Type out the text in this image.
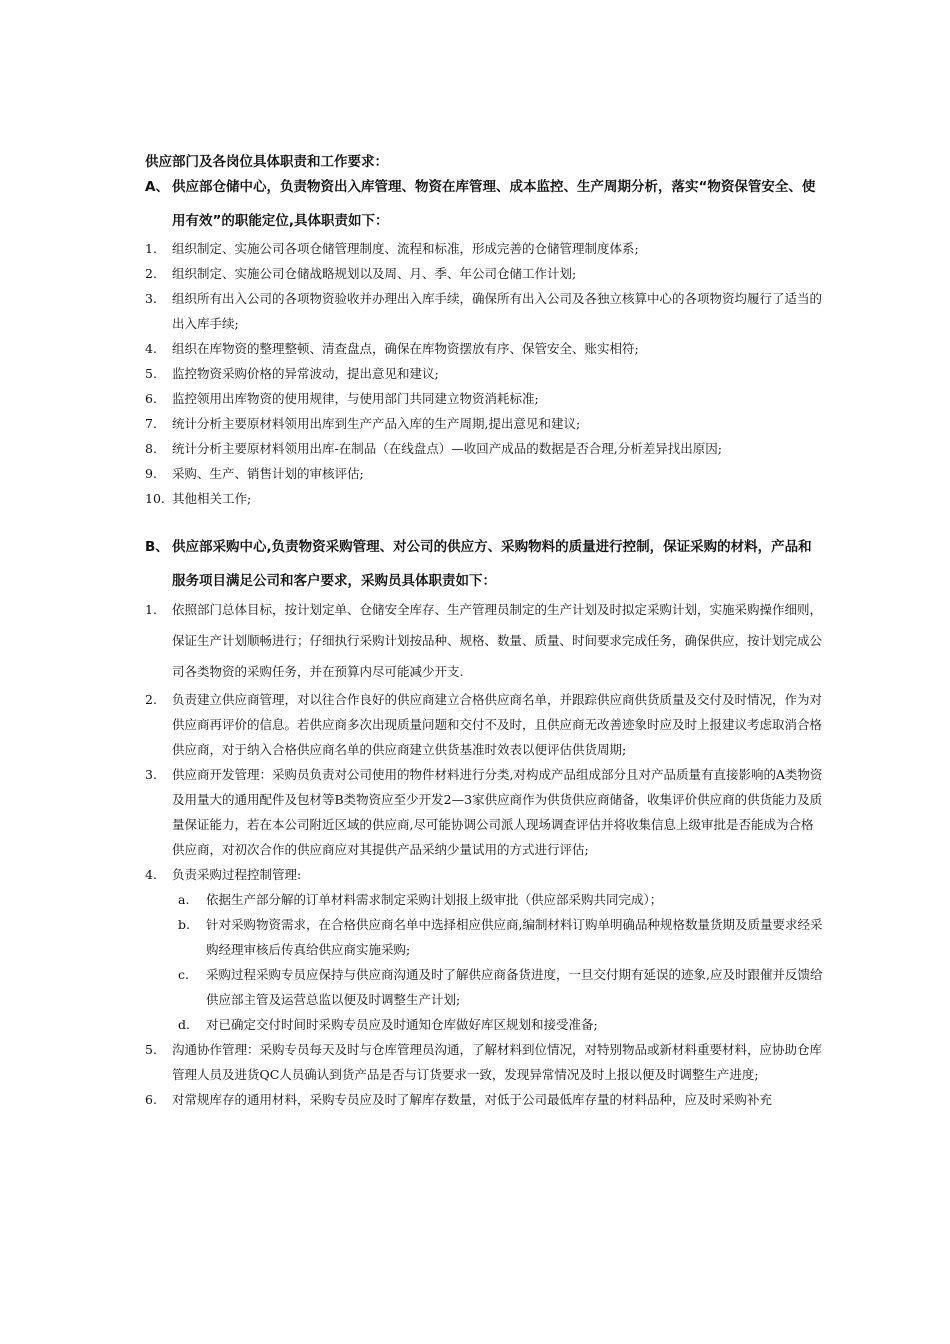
供应部门及各岗位具体职责和工作要求：
A、 供应部仓储中心，负责物资出入库管理、物资在库管理、成本监控、生产周期分析，落实“物资保管安全、使用有效”的职能定位,具体职责如下：
1. 组织制定、实施公司各项仓储管理制度、流程和标准，形成完善的仓储管理制度体系;
2. 组织制定、实施公司仓储战略规划以及周、月、季、年公司仓储工作计划;
3. 组织所有出入公司的各项物资验收并办理出入库手续，确保所有出入公司及各独立核算中心的各项物资均履行了适当的出入库手续;
4. 组织在库物资的整理整顿、清查盘点，确保在库物资摆放有序、保管安全、账实相符;
5. 监控物资采购价格的异常波动，提出意见和建议;
6. 监控领用出库物资的使用规律，与使用部门共同建立物资消耗标准;
7. 统计分析主要原材料领用出库到生产产品入库的生产周期,提出意见和建议;
8. 统计分析主要原材料领用出库-在制品（在线盘点）—收回产成品的数据是否合理,分析差异找出原因;
9. 采购、生产、销售计划的审核评估;
10. 其他相关工作;
B、 供应部采购中心,负责物资采购管理、对公司的供应方、采购物料的质量进行控制，保证采购的材料，产品和服务项目满足公司和客户要求，采购员具体职责如下：
1. 依照部门总体目标，按计划定单、仓储安全库存、生产管理员制定的生产计划及时拟定采购计划，实施采购操作细则，保证生产计划顺畅进行；仔细执行采购计划按品种、规格、数量、质量、时间要求完成任务，确保供应，按计划完成公司各类物资的采购任务，并在预算内尽可能减少开支.
2. 负责建立供应商管理，对以往合作良好的供应商建立合格供应商名单，并跟踪供应商供货质量及交付及时情况，作为对供应商再评价的信息。若供应商多次出现质量问题和交付不及时，且供应商无改善迹象时应及时上报建议考虑取消合格供应商，对于纳入合格供应商名单的供应商建立供货基准时效表以便评估供货周期;
3. 供应商开发管理：采购员负责对公司使用的物件材料进行分类,对构成产品组成部分且对产品质量有直接影响的A类物资及用量大的通用配件及包材等B类物资应至少开发2—3家供应商作为供货供应商储备，收集评价供应商的供货能力及质量保证能力，若在本公司附近区域的供应商,尽可能协调公司派人现场调查评估并将收集信息上级审批是否能成为合格供应商，对初次合作的供应商应对其提供产品采纳少量试用的方式进行评估;
4. 负责采购过程控制管理:
a. 依据生产部分解的订单材料需求制定采购计划报上级审批（供应部采购共同完成）；
b. 针对采购物资需求，在合格供应商名单中选择相应供应商,编制材料订购单明确品种规格数量货期及质量要求经采购经理审核后传真给供应商实施采购;
c. 采购过程采购专员应保持与供应商沟通及时了解供应商备货进度，一旦交付期有延误的迹象,应及时跟催并反馈给供应部主管及运营总监以便及时调整生产计划;
d. 对已确定交付时间时采购专员应及时通知仓库做好库区规划和接受准备;
5. 沟通协作管理：采购专员每天及时与仓库管理员沟通，了解材料到位情况，对特别物品或新材料重要材料，应协助仓库管理人员及进货QC人员确认到货产品是否与订货要求一致，发现异常情况及时上报以便及时调整生产进度;
6. 对常规库存的通用材料，采购专员应及时了解库存数量，对低于公司最低库存量的材料品种，应及时采购补充
